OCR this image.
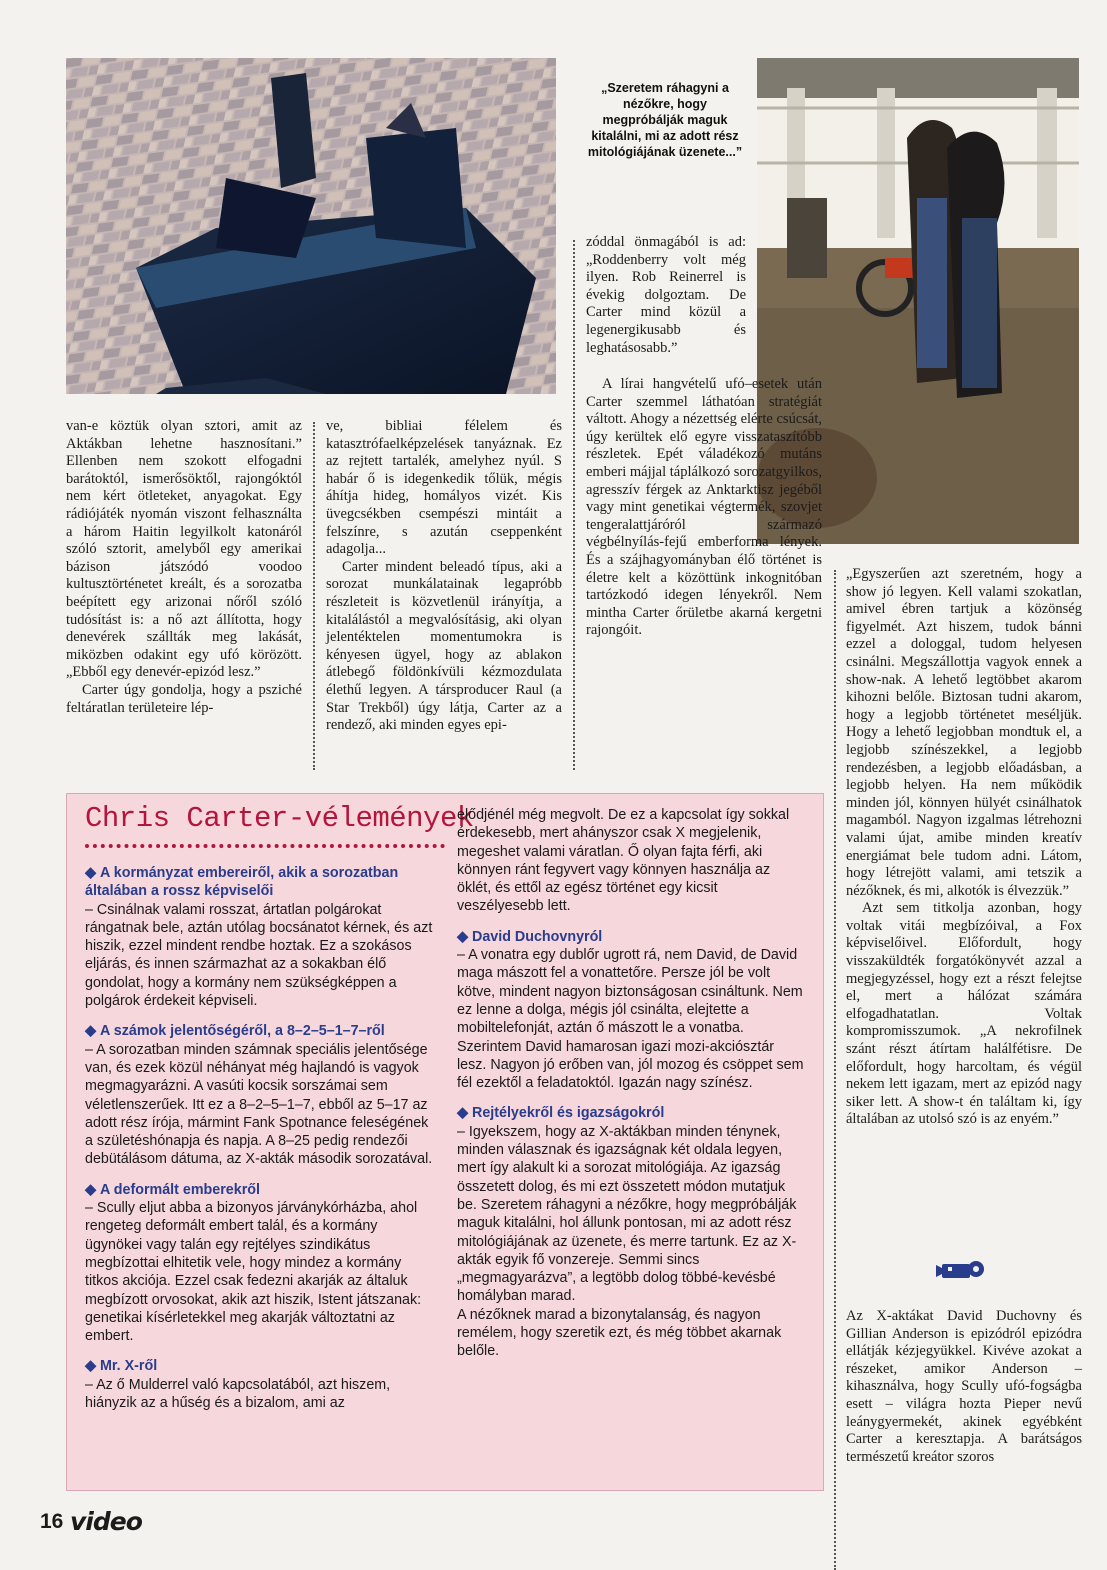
„Szeretem ráhagyni a nézőkre, hogy megpróbálják maguk kitalálni, mi az adott rész mitológiájának üzenete...”

van-e köztük olyan sztori, amit az Aktákban lehetne hasznosítani.” Ellenben nem szokott elfogadni barátoktól, ismerősöktől, rajongóktól nem kért ötleteket, anyagokat. Egy rádiójáték nyomán viszont felhasználta a három Haitin legyilkolt katonáról szóló sztorit, amelyből egy amerikai bázison játszódó voodoo kultusztörténetet kreált, és a sorozatba beépített egy arizonai nőről szóló tudósítást is: a nő azt állította, hogy denevérek szállták meg lakását, miközben odakint egy ufó körözött. „Ebből egy denevér-epizód lesz.”

Carter úgy gondolja, hogy a psziché feltáratlan területeire lép-

ve, bibliai félelem és katasztrófaelképzelések tanyáznak. Ez az rejtett tartalék, amelyhez nyúl. S habár ő is idegenkedik tőlük, mégis áhítja hideg, homályos vizét. Kis üvegcsékben csempészi mintáit a felszínre, s azután cseppenként adagolja...

Carter mindent beleadó típus, aki a sorozat munkálatainak legapróbb részleteit is közvetlenül irányítja, a kitalálástól a megvalósításig, aki olyan jelentéktelen momentumokra is kényesen ügyel, hogy az ablakon átlebegő földönkívüli kézmozdulata élethű legyen. A társproducer Raul (a Star Trekből) úgy látja, Carter az a rendező, aki minden egyes epi-

zóddal önmagából is ad: „Roddenberry volt még ilyen. Rob Reinerrel is évekig dolgoztam. De Carter mind közül a legenergikusabb és leghatásosabb.”

A lírai hangvételű ufó–esetek után Carter szemmel láthatóan stratégiát váltott. Ahogy a nézettség elérte csúcsát, úgy kerültek elő egyre visszataszítóbb részletek. Epét váladékozó mutáns emberi májjal táplálkozó sorozatgyilkos, agresszív férgek az Anktarktisz jegéből vagy mint genetikai végtermék, szovjet tengeralattjáróról származó végbélnyílás-fejű emberforma lények. És a szájhagyományban élő történet is életre kelt a közöttünk inkognitóban tartózkodó idegen lényekről. Nem mintha Carter őrületbe akarná kergetni rajongóit.

„Egyszerűen azt szeretném, hogy a show jó legyen. Kell valami szokatlan, amivel ébren tartjuk a közönség figyelmét. Azt hiszem, tudok bánni ezzel a dologgal, tudom helyesen csinálni. Megszállottja vagyok ennek a show-nak. A lehető legtöbbet akarom kihozni belőle. Biztosan tudni akarom, hogy a legjobb történetet meséljük. Hogy a lehető legjobban mondtuk el, a legjobb színészekkel, a legjobb rendezésben, a legjobb előadásban, a legjobb helyen. Ha nem működik minden jól, könnyen hülyét csinálhatok magamból. Nagyon izgalmas létrehozni valami újat, amibe minden kreatív energiámat bele tudom adni. Látom, hogy létrejött valami, ami tetszik a nézőknek, és mi, alkotók is élvezzük.”

Azt sem titkolja azonban, hogy voltak vitái megbízóival, a Fox képviselőivel. Előfordult, hogy visszaküldték forgatókönyvét azzal a megjegyzéssel, hogy ezt a részt felejtse el, mert a hálózat számára elfogadhatatlan. Voltak kompromisszumok. „A nekrofilnek szánt részt átírtam halálfétisre. De előfordult, hogy harcoltam, és végül nekem lett igazam, mert az epizód nagy siker lett. A show-t én találtam ki, így általában az utolsó szó is az enyém.”

Az X-aktákat David Duchovny és Gillian Anderson is epizódról epizódra ellátják kézjegyükkel. Kivéve azokat a részeket, amikor Anderson – kihasználva, hogy Scully ufó-fogságba esett – világra hozta Pieper nevű leánygyermekét, akinek egyébként Carter a keresztapja. A barátságos természetű kreátor szoros

Chris Carter-vélemények
◆ A kormányzat embereiről, akik a sorozatban általában a rossz képviselői

– Csinálnak valami rosszat, ártatlan polgárokat rángatnak bele, aztán utólag bocsánatot kérnek, és azt hiszik, ezzel mindent rendbe hoztak. Ez a szokásos eljárás, és innen származhat az a sokakban élő gondolat, hogy a kormány nem szükségképpen a polgárok érdekeit képviseli.

◆ A számok jelentőségéről, a 8–2–5–1–7–ről

– A sorozatban minden számnak speciális jelentősége van, és ezek közül néhányat még hajlandó is vagyok megmagyarázni. A vasúti kocsik sorszámai sem véletlenszerűek. Itt ez a 8–2–5–1–7, ebből az 5–17 az adott rész írója, mármint Fank Spotnance feleségének a születéshónapja és napja. A 8–25 pedig rendezői debütálásom dátuma, az X-akták második sorozatával.

◆ A deformált emberekről

– Scully eljut abba a bizonyos járványkórházba, ahol rengeteg deformált embert talál, és a kormány ügynökei vagy talán egy rejtélyes szindikátus megbízottai elhitetik vele, hogy mindez a kormány titkos akciója. Ezzel csak fedezni akarják az általuk megbízott orvosokat, akik azt hiszik, Istent játszanak: genetikai kísérletekkel meg akarják változtatni az embert.

◆ Mr. X-ről

– Az ő Mulderrel való kapcsolatából, azt hiszem, hiányzik az a hűség és a bizalom, ami az

elődjénél még megvolt. De ez a kapcsolat így sokkal érdekesebb, mert ahányszor csak X megjelenik, megeshet valami váratlan. Ő olyan fajta férfi, aki könnyen ránt fegyvert vagy könnyen használja az öklét, és ettől az egész történet egy kicsit veszélyesebb lett.

◆ David Duchovnyról

– A vonatra egy dublőr ugrott rá, nem David, de David maga mászott fel a vonattetőre. Persze jól be volt kötve, mindent nagyon biztonságosan csináltunk. Nem ez lenne a dolga, mégis jól csinálta, elejtette a mobiltelefonját, aztán ő mászott le a vonatba. Szerintem David hamarosan igazi mozi-akciósztár lesz. Nagyon jó erőben van, jól mozog és csöppet sem fél ezektől a feladatoktól. Igazán nagy színész.

◆ Rejtélyekről és igazságokról

– Igyekszem, hogy az X-aktákban minden ténynek, minden válasznak és igazságnak két oldala legyen, mert így alakult ki a sorozat mitológiája. Az igazság összetett dolog, és mi ezt összetett módon mutatjuk be. Szeretem ráhagyni a nézőkre, hogy megpróbálják maguk kitalálni, hol állunk pontosan, mi az adott rész mitológiájának az üzenete, és merre tartunk. Ez az X-akták egyik fő vonzereje. Semmi sincs „megmagyarázva”, a legtöbb dolog többé-kevésbé homályban marad.

A nézőknek marad a bizonytalanság, és nagyon remélem, hogy szeretik ezt, és még többet akarnak belőle.

16 video
